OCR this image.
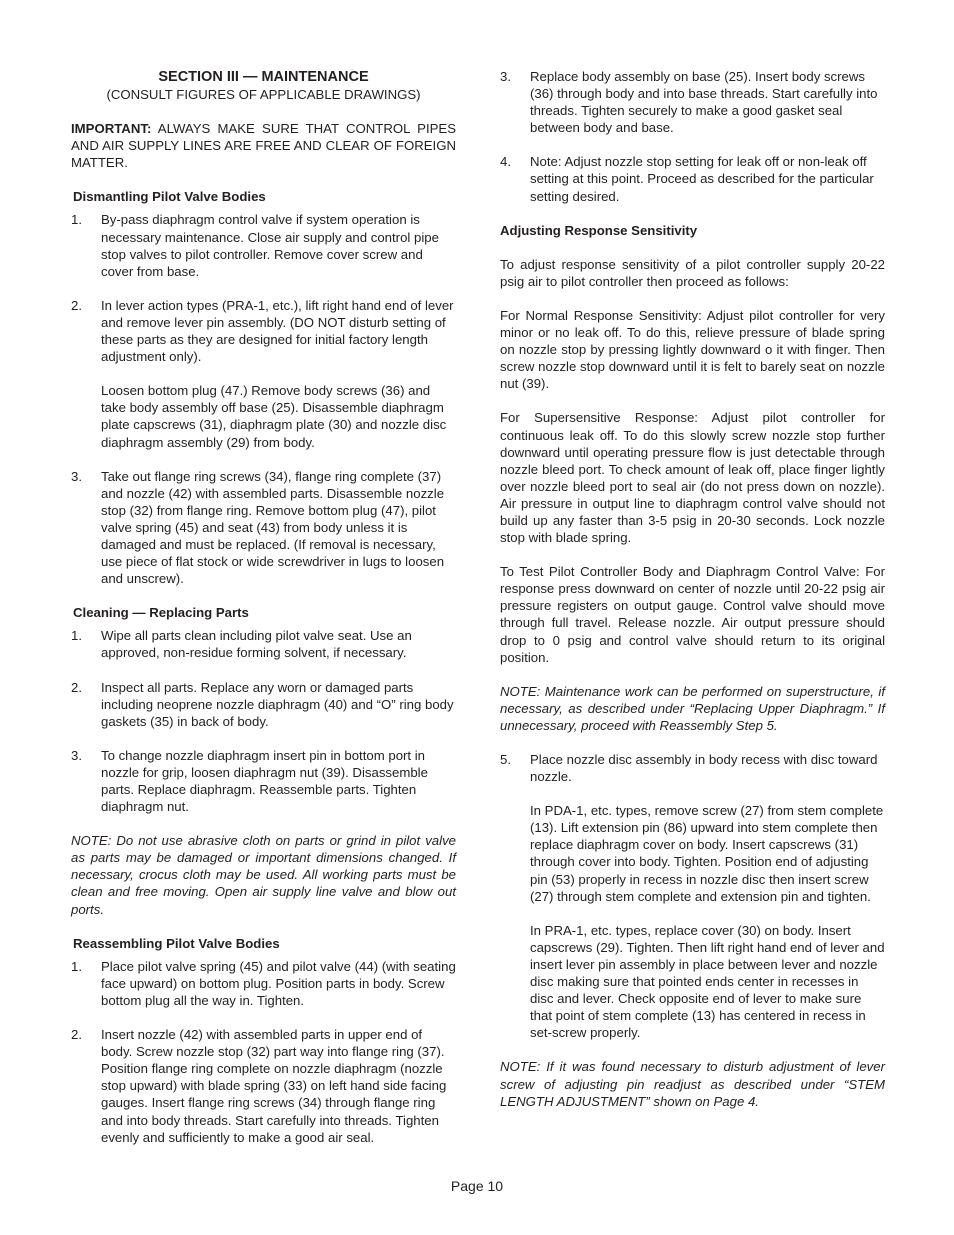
SECTION III — MAINTENANCE
(CONSULT FIGURES OF APPLICABLE DRAWINGS)

IMPORTANT: ALWAYS MAKE SURE THAT CONTROL PIPES AND AIR SUPPLY LINES ARE FREE AND CLEAR OF FOREIGN MATTER.

Dismantling Pilot Valve Bodies
1. By-pass diaphragm control valve if system operation is necessary maintenance. Close air supply and control pipe stop valves to pilot controller. Remove cover screw and cover from base.
2. In lever action types (PRA-1, etc.), lift right hand end of lever and remove lever pin assembly. (DO NOT disturb setting of these parts as they are designed for initial factory length adjustment only).
Loosen bottom plug (47.) Remove body screws (36) and take body assembly off base (25). Disassemble diaphragm plate capscrews (31), diaphragm plate (30) and nozzle disc diaphragm assembly (29) from body.
3. Take out flange ring screws (34), flange ring complete (37) and nozzle (42) with assembled parts. Disassemble nozzle stop (32) from flange ring. Remove bottom plug (47), pilot valve spring (45) and seat (43) from body unless it is damaged and must be replaced. (If removal is necessary, use piece of flat stock or wide screwdriver in lugs to loosen and unscrew).
Cleaning — Replacing Parts
1. Wipe all parts clean including pilot valve seat. Use an approved, non-residue forming solvent, if necessary.
2. Inspect all parts. Replace any worn or damaged parts including neoprene nozzle diaphragm (40) and “O” ring body gaskets (35) in back of body.
3. To change nozzle diaphragm insert pin in bottom port in nozzle for grip, loosen diaphragm nut (39). Disassemble parts. Replace diaphragm. Reassemble parts. Tighten diaphragm nut.

NOTE: Do not use abrasive cloth on parts or grind in pilot valve as parts may be damaged or important dimensions changed. If necessary, crocus cloth may be used. All working parts must be clean and free moving. Open air supply line valve and blow out ports.

Reassembling Pilot Valve Bodies
1. Place pilot valve spring (45) and pilot valve (44) (with seating face upward) on bottom plug. Position parts in body. Screw bottom plug all the way in. Tighten.
2. Insert nozzle (42) with assembled parts in upper end of body. Screw nozzle stop (32) part way into flange ring (37). Position flange ring complete on nozzle diaphragm (nozzle stop upward) with blade spring (33) on left hand side facing gauges. Insert flange ring screws (34) through flange ring and into body threads. Start carefully into threads. Tighten evenly and sufficiently to make a good air seal.
3. Replace body assembly on base (25). Insert body screws (36) through body and into base threads. Start carefully into threads. Tighten securely to make a good gasket seal between body and base.
4. Note: Adjust nozzle stop setting for leak off or non-leak off setting at this point. Proceed as described for the particular setting desired.
Adjusting Response Sensitivity

To adjust response sensitivity of a pilot controller supply 20-22 psig air to pilot controller then proceed as follows:

For Normal Response Sensitivity: Adjust pilot controller for very minor or no leak off. To do this, relieve pressure of blade spring on nozzle stop by pressing lightly downward o it with finger. Then screw nozzle stop downward until it is felt to barely seat on nozzle nut (39).

For Supersensitive Response: Adjust pilot controller for continuous leak off. To do this slowly screw nozzle stop further downward until operating pressure flow is just detectable through nozzle bleed port. To check amount of leak off, place finger lightly over nozzle bleed port to seal air (do not press down on nozzle). Air pressure in output line to diaphragm control valve should not build up any faster than 3-5 psig in 20-30 seconds. Lock nozzle stop with blade spring.

To Test Pilot Controller Body and Diaphragm Control Valve: For response press downward on center of nozzle until 20-22 psig air pressure registers on output gauge. Control valve should move through full travel. Release nozzle. Air output pressure should drop to 0 psig and control valve should return to its original position.

NOTE: Maintenance work can be performed on superstructure, if necessary, as described under “Replacing Upper Diaphragm.” If unnecessary, proceed with Reassembly Step 5.

5. Place nozzle disc assembly in body recess with disc toward nozzle.
In PDA-1, etc. types, remove screw (27) from stem complete (13). Lift extension pin (86) upward into stem complete then replace diaphragm cover on body. Insert capscrews (31) through cover into body. Tighten. Position end of adjusting pin (53) properly in recess in nozzle disc then insert screw (27) through stem complete and extension pin and tighten.
In PRA-1, etc. types, replace cover (30) on body. Insert capscrews (29). Tighten. Then lift right hand end of lever and insert lever pin assembly in place between lever and nozzle disc making sure that pointed ends center in recesses in disc and lever. Check opposite end of lever to make sure that point of stem complete (13) has centered in recess in set-screw properly.

NOTE: If it was found necessary to disturb adjustment of lever screw of adjusting pin readjust as described under “STEM LENGTH ADJUSTMENT” shown on Page 4.

Page 10
